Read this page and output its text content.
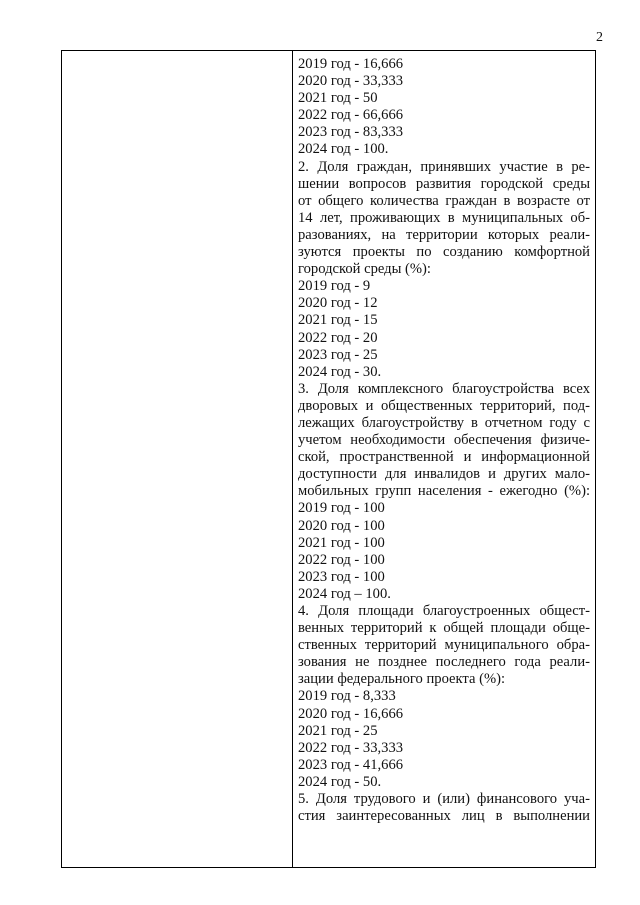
2
2019 год - 16,666
2020 год - 33,333
2021 год - 50
2022 год - 66,666
2023 год - 83,333
2024 год - 100.
2. Доля граждан, принявших участие в ре-
шении вопросов развития городской среды
от общего количества граждан в возрасте от
14 лет, проживающих в муниципальных об-
разованиях, на территории которых реали-
зуются проекты по созданию комфортной
городской среды (%):
2019 год - 9
2020 год - 12
2021 год - 15
2022 год - 20
2023 год - 25
2024 год - 30.
3. Доля комплексного благоустройства всех
дворовых и общественных территорий, под-
лежащих благоустройству в отчетном году с
учетом необходимости обеспечения физиче-
ской, пространственной и информационной
доступности для инвалидов и других мало-
мобильных групп населения - ежегодно (%):
2019 год - 100
2020 год - 100
2021 год - 100
2022 год - 100
2023 год - 100
2024 год – 100.
4. Доля площади благоустроенных общест-
венных территорий к общей площади обще-
ственных территорий муниципального обра-
зования не позднее последнего года реали-
зации федерального проекта (%):
2019 год - 8,333
2020 год - 16,666
2021 год - 25
2022 год - 33,333
2023 год - 41,666
2024 год - 50.
5. Доля трудового и (или) финансового уча-
стия заинтересованных лиц в выполнении
